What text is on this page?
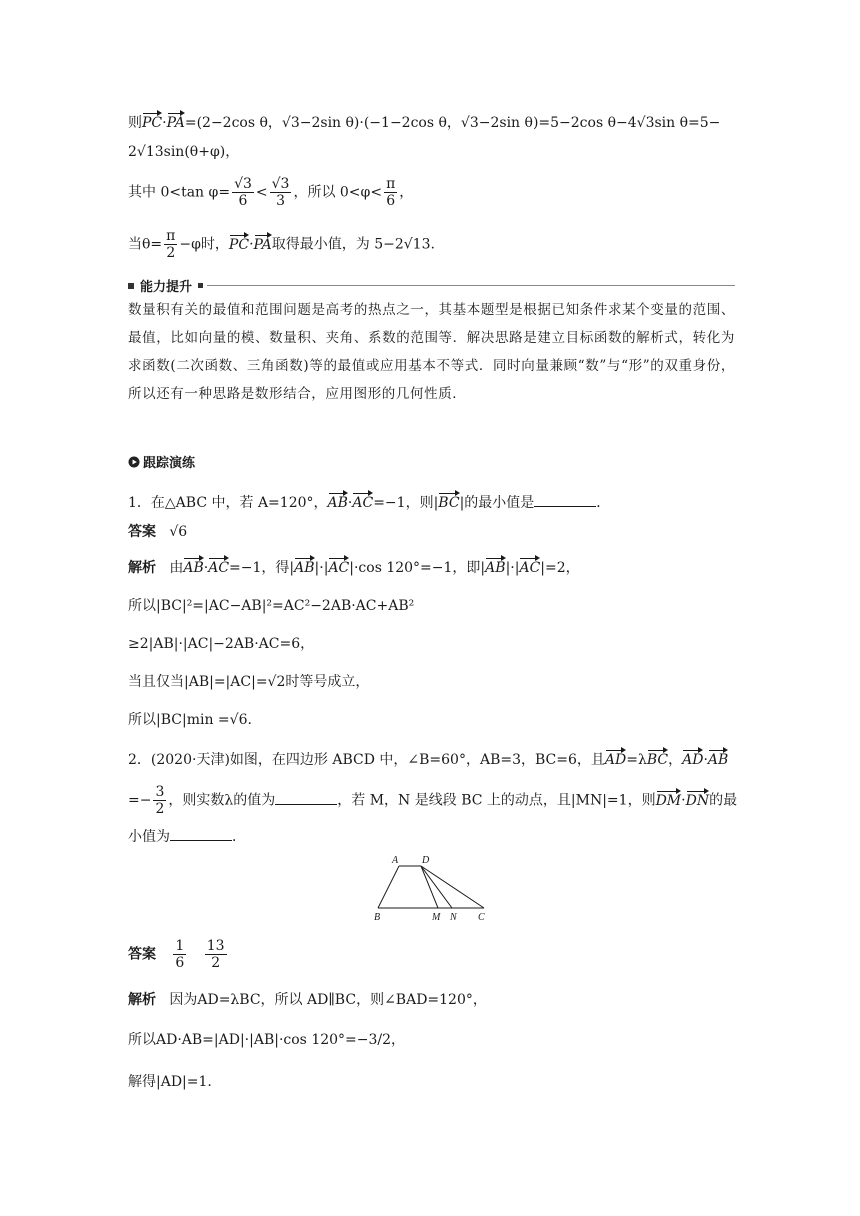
则PC·PA=(2−2cos θ，√3−2sin θ)·(−1−2cos θ，√3−2sin θ)=5−2cos θ−4√3sin θ=5−
2√13sin(θ+φ)，
其中 0<tan $\varphi= \frac{√3}{6} < \frac{√3}{3}$ ，所以 $0<\varphi< \frac{\pi}{6}$ ，
当$\theta= \frac{\pi}{2} -\varphi$时，PC·PA取得最小值，为 5−2√13.
能力提升
数量积有关的最值和范围问题是高考的热点之一，其基本题型是根据已知条件求某个变量的范围、最值，比如向量的模、数量积、夹角、系数的范围等．解决思路是建立目标函数的解析式，转化为求函数(二次函数、三角函数)等的最值或应用基本不等式．同时向量兼顾“数”与“形”的双重身份，所以还有一种思路是数形结合，应用图形的几何性质．
跟踪演练
1．在△ABC 中，若 A=120°，AB·AC=−1，则|BC|的最小值是	．
答案 √6
解析 由AB·AC=−1，得|AB|·|AC|·cos 120°=−1，即|AB|·|AC|=2，
所以|BC|²=|AC−AB|²=AC²−2AB·AC+AB²
≥2|AB|·|AC|−2AB·AC=6，
当且仅当|AB|=|AC|=√2时等号成立，
所以|BC|min =√6.
2．(2020·天津)如图，在四边形 ABCD 中，∠B=60°，AB=3，BC=6，且AD=λBC，AD·AB
=− $\frac{3}{2}$ ，则实数λ的值为	，若 M，N 是线段 BC 上的动点，且|MN|=1，则DM·DN的最
小值为	．
A D
B	M N C
答案 $\frac{1}{6}$
$\frac{13}{2}$
解析 因为AD=λBC，所以 AD∥BC，则∠BAD=120°，
所以AD·AB=|AD|·|AB|·cos 120°=−3/2，
解得|AD|=1.
